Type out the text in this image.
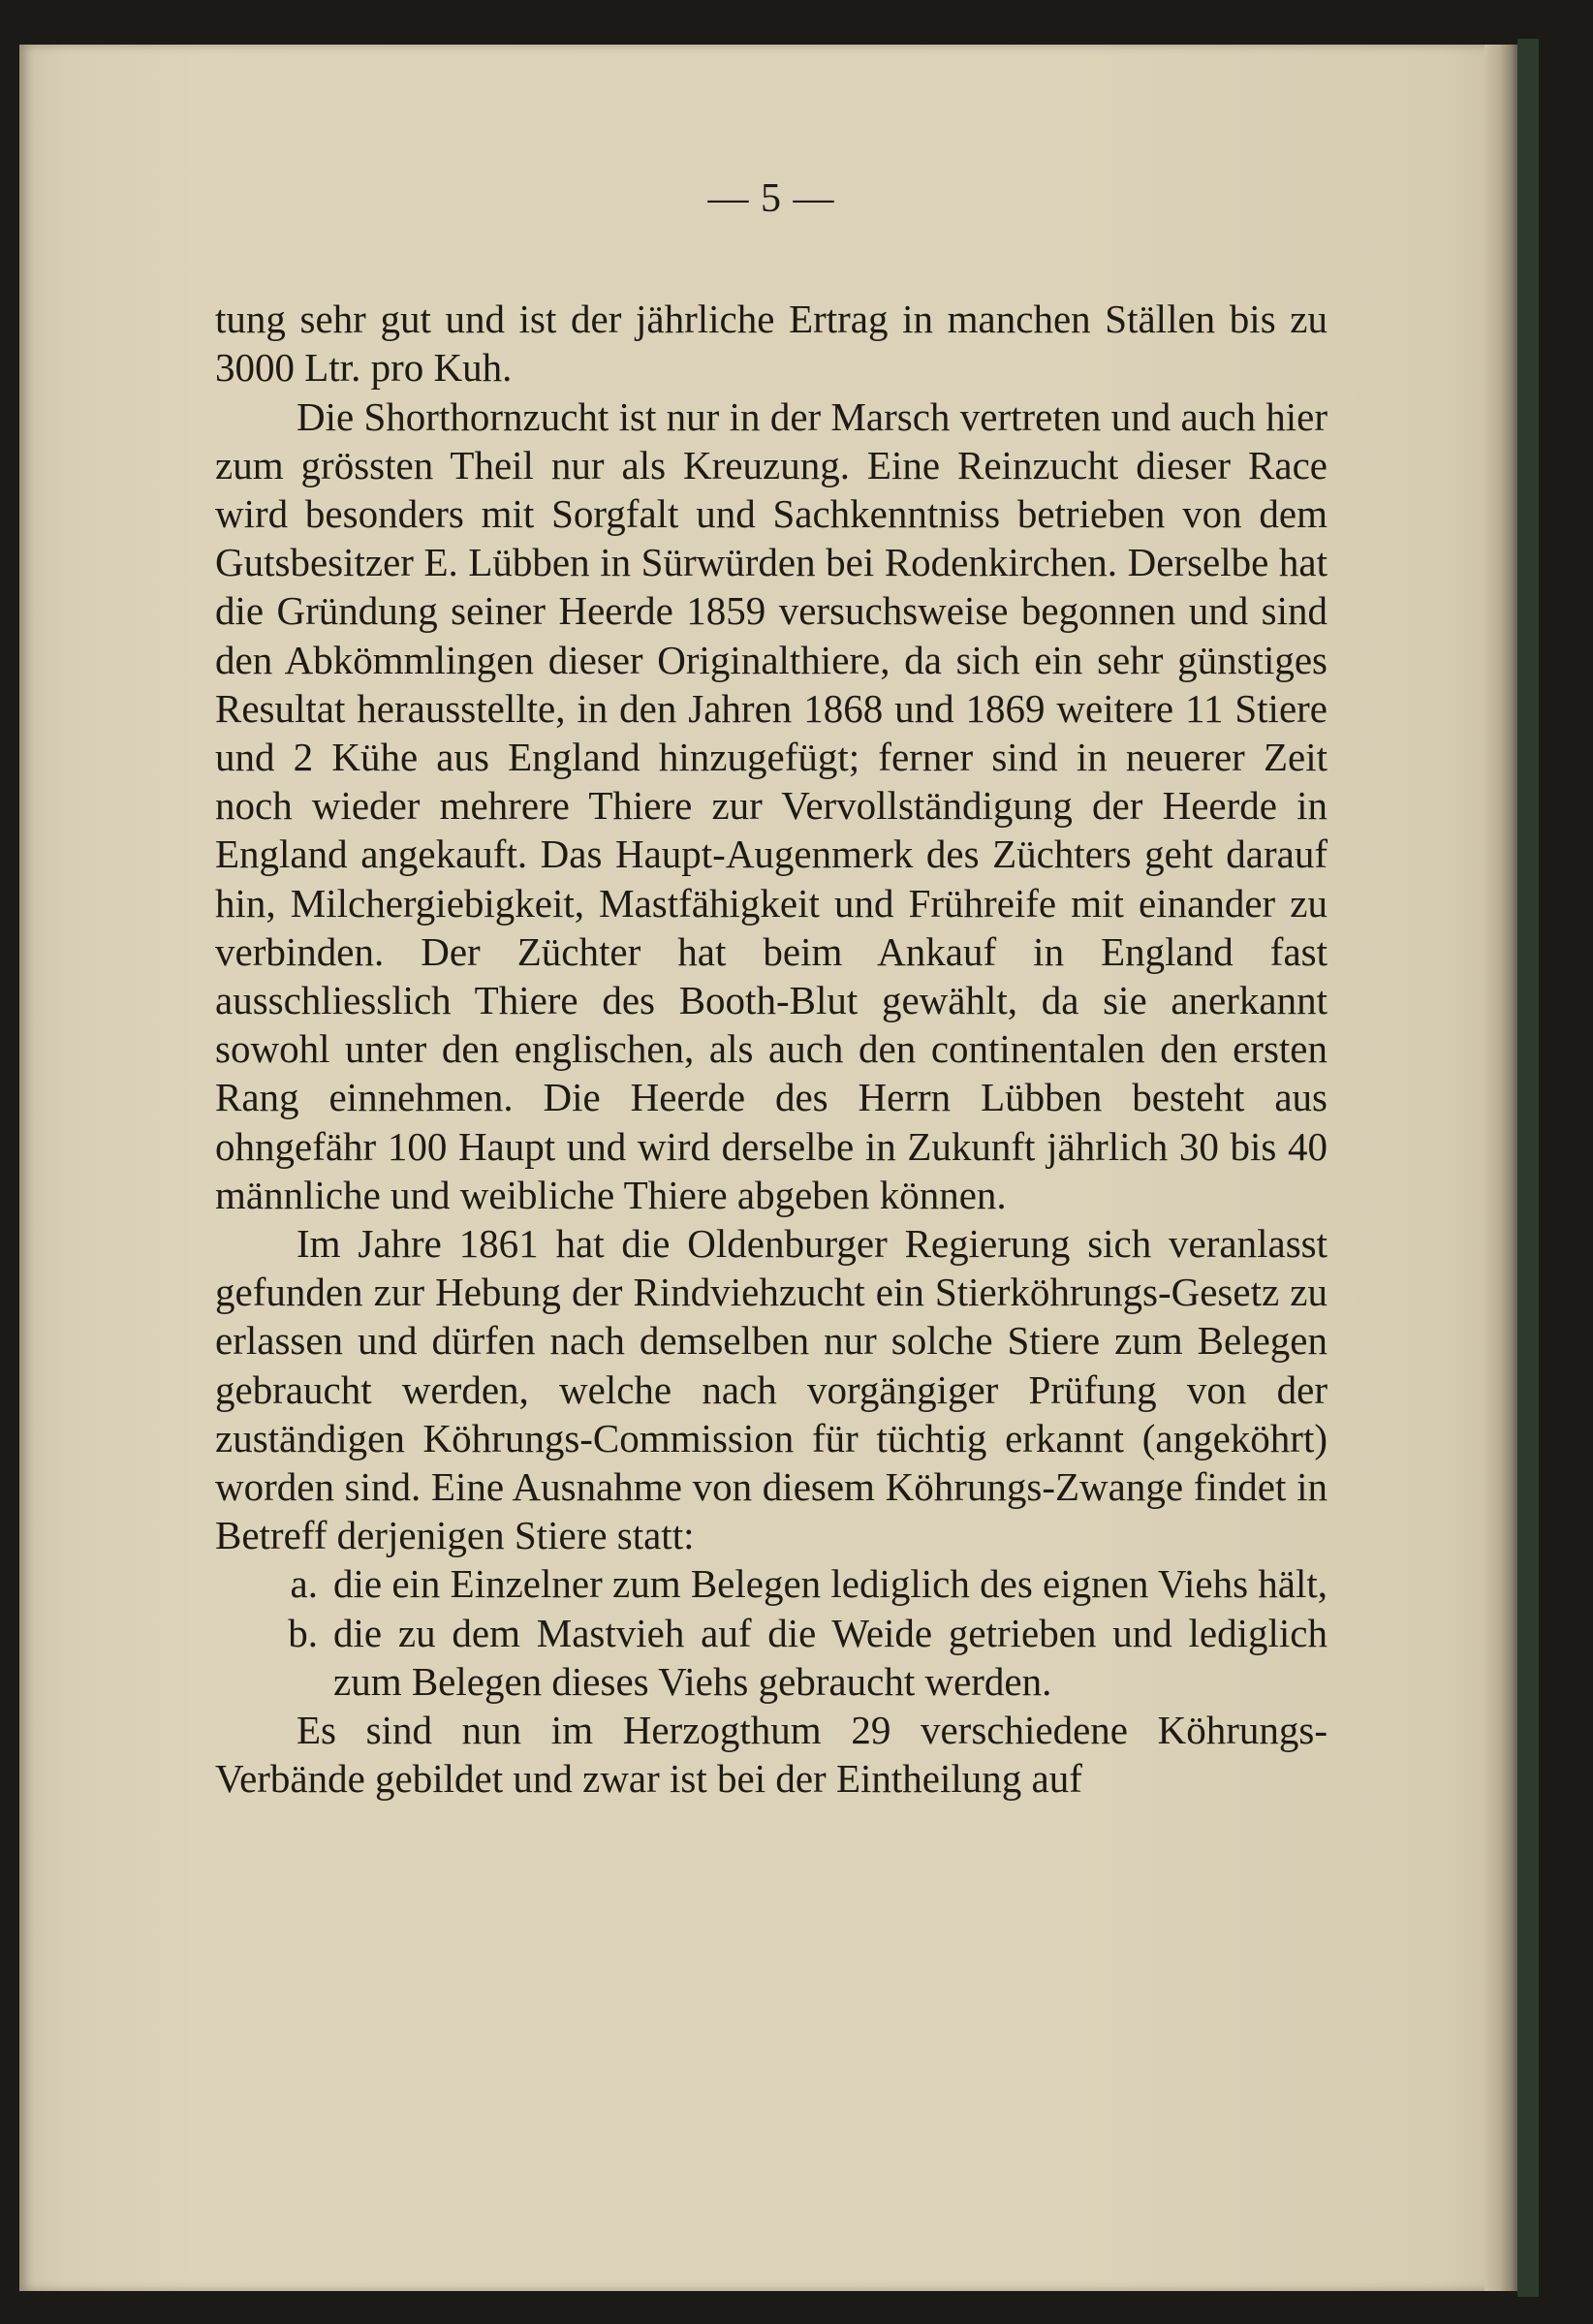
— 5 —

tung sehr gut und ist der jährliche Ertrag in manchen Ställen bis zu 3000 Ltr. pro Kuh.

Die Shorthornzucht ist nur in der Marsch vertreten und auch hier zum grössten Theil nur als Kreuzung. Eine Reinzucht dieser Race wird besonders mit Sorgfalt und Sachkenntniss betrieben von dem Gutsbesitzer E. Lübben in Sürwürden bei Rodenkirchen. Derselbe hat die Gründung seiner Heerde 1859 versuchsweise begonnen und sind den Abkömmlingen dieser Originalthiere, da sich ein sehr günstiges Resultat herausstellte, in den Jahren 1868 und 1869 weitere 11 Stiere und 2 Kühe aus England hinzugefügt; ferner sind in neuerer Zeit noch wieder mehrere Thiere zur Vervollständigung der Heerde in England angekauft. Das Haupt-Augenmerk des Züchters geht darauf hin, Milchergiebigkeit, Mastfähigkeit und Frühreife mit einander zu verbinden. Der Züchter hat beim Ankauf in England fast ausschliesslich Thiere des Booth-Blut gewählt, da sie anerkannt sowohl unter den englischen, als auch den continentalen den ersten Rang einnehmen. Die Heerde des Herrn Lübben besteht aus ohngefähr 100 Haupt und wird derselbe in Zukunft jährlich 30 bis 40 männliche und weibliche Thiere abgeben können.

Im Jahre 1861 hat die Oldenburger Regierung sich veranlasst gefunden zur Hebung der Rindviehzucht ein Stierköhrungs-Gesetz zu erlassen und dürfen nach demselben nur solche Stiere zum Belegen gebraucht werden, welche nach vorgängiger Prüfung von der zuständigen Köhrungs-Commission für tüchtig erkannt (angeköhrt) worden sind. Eine Ausnahme von diesem Köhrungs-Zwange findet in Betreff derjenigen Stiere statt:

a. die ein Einzelner zum Belegen lediglich des eignen Viehs hält,
b. die zu dem Mastvieh auf die Weide getrieben und lediglich zum Belegen dieses Viehs gebraucht werden.

Es sind nun im Herzogthum 29 verschiedene Köhrungs-Verbände gebildet und zwar ist bei der Eintheilung auf
